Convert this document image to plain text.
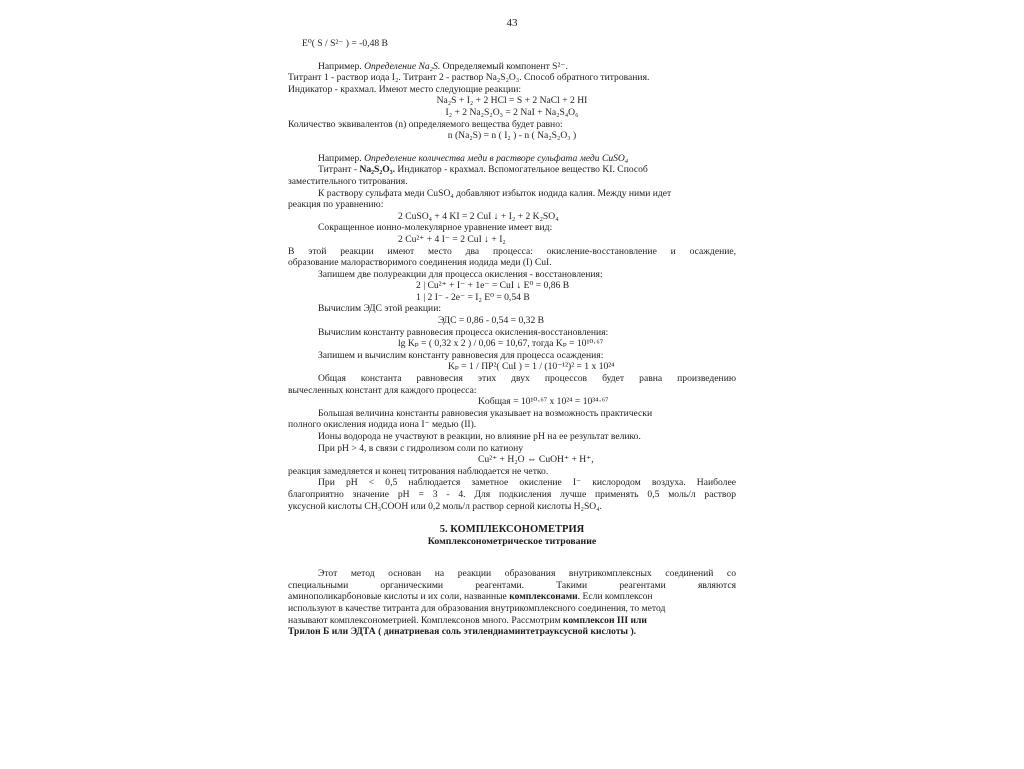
43
E⁰( S / S²⁻ ) = -0,48 В
Например. Определение Na₂S. Определяемый компонент S²⁻.
Титрант 1 - раствор иода I₂. Титрант 2 - раствор Na₂S₂O₃. Способ обратного титрования.
Индикатор - крахмал. Имеют место следующие реакции:
Na₂S + I₂ + 2 HCl = S + 2 NaCl + 2 HI
I₂ + 2 Na₂S₂O₃ = 2 NaI + Na₂S₄O₆
Количество эквивалентов (n) определяемого вещества будет равно:
n (Na₂S) = n ( I₂ ) - n ( Na₂S₂O₃ )
Например. Определение количества меди в растворе сульфата меди CuSO₄
Титрант - Na₂S₂O₃. Индикатор - крахмал. Вспомогательное вещество KI. Способ
заместительного титрования.
К раствору сульфата меди CuSO₄ добавляют избыток иодида калия. Между ними идет
реакция по уравнению:
2 CuSO₄ + 4 KI = 2 CuI ↓ + I₂ + 2 K₂SO₄
Сокращенное ионно-молекулярное уравнение имеет вид:
2 Cu²⁺ + 4 I⁻ = 2 CuI ↓ + I₂
В этой реакции имеют место два процесса: окисление-восстановление и осаждение,
образование малорастворимого соединения иодида меди (I) CuI.
Запишем две полуреакции для процесса окисления - восстановления:
2 | Cu²⁺ + I⁻ + 1e⁻ = CuI ↓ E⁰ = 0,86 В
1 | 2 I⁻ - 2e⁻ = I₂ E⁰ = 0,54 В
Вычислим ЭДС этой реакции:
ЭДС = 0,86 - 0,54 = 0,32 В
Вычислим константу равновесия процесса окисления-восстановления:
lg Kₚ = ( 0,32 x 2 ) / 0,06 = 10,67, тогда Kₚ = 10¹⁰·⁶⁷
Запишем и вычислим константу равновесия для процесса осаждения:
Kₚ = 1 / ПР²( CuI ) = 1 / (10⁻¹²)² = 1 x 10²⁴
Общая константа равновесия этих двух процессов будет равна произведению
вычесленных констант для каждого процесса:
Kобщая = 10¹⁰·⁶⁷ x 10²⁴ = 10³⁴·⁶⁷
Большая величина константы равновесия указывает на возможность практически
полного окисления иодида иона I⁻ медью (II).
Ионы водорода не участвуют в реакции, но влияние pH на ее результат велико.
При pH > 4, в связи с гидролизом соли по катиону
Cu²⁺ + H₂O ⇔ CuOH⁺ + H⁺,
реакция замедляется и конец титрования наблюдается не четко.
При pH < 0,5 наблюдается заметное окисление I⁻ кислородом воздуха. Наиболее
благоприятно значение pH = 3 - 4. Для подкисления лучше применять 0,5 моль/л раствор
уксусной кислоты CH₃COOH или 0,2 моль/л раствор серной кислоты H₂SO₄.
5. КОМПЛЕКСОНОМЕТРИЯ
Комплексонометрическое титрование
Этот метод основан на реакции образования внутрикомплексных соединений со
специальными органическими реагентами. Такими реагентами являются
аминополикарбоновые кислоты и их соли, названные комплексонами. Если комплексон
используют в качестве титранта для образования внутрикомплексного соединения, то метод
называют комплексонометрией. Комплексонов много. Рассмотрим комплексон III или
Трилон Б или ЭДТА ( динатриевая соль этилендиаминтетрауксусной кислоты ).
